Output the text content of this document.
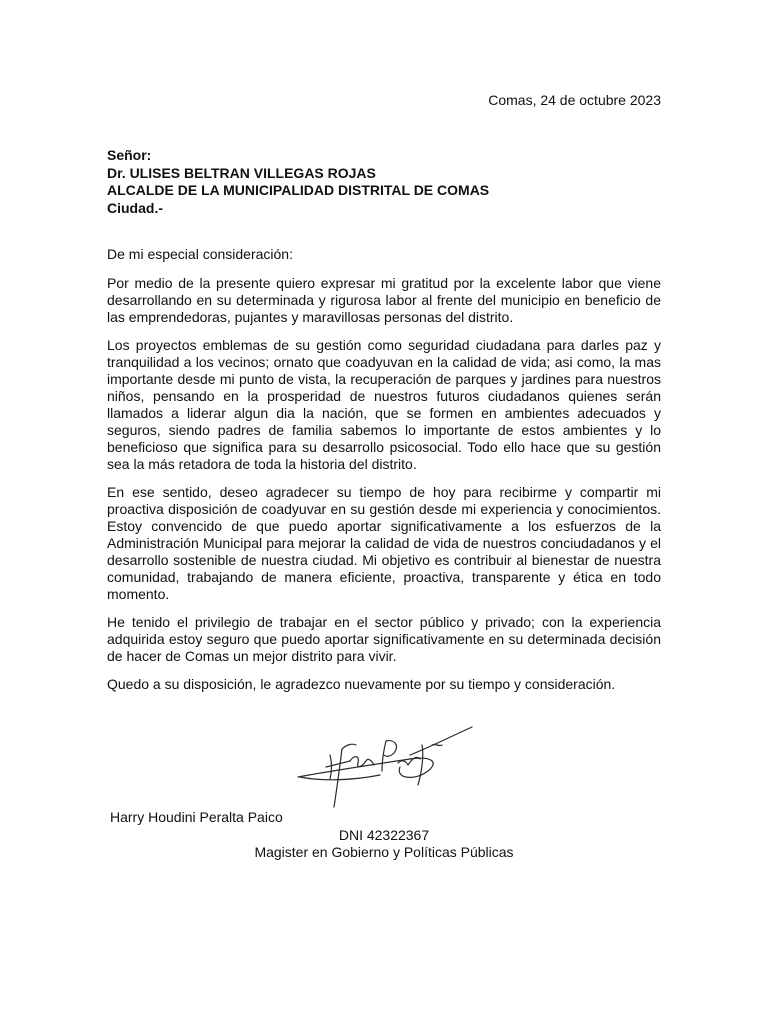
Comas, 24 de octubre 2023
Señor:
Dr. ULISES BELTRAN VILLEGAS ROJAS
ALCALDE DE LA MUNICIPALIDAD DISTRITAL DE COMAS
Ciudad.-

De mi especial consideración:

Por medio de la presente quiero expresar mi gratitud por la excelente labor que viene desarrollando en su determinada y rigurosa labor al frente del municipio en beneficio de las emprendedoras, pujantes y maravillosas personas del distrito.

Los proyectos emblemas de su gestión como seguridad ciudadana para darles paz y tranquilidad a los vecinos; ornato que coadyuvan en la calidad de vida; asi como, la mas importante desde mi punto de vista, la recuperación de parques y jardines para nuestros niños, pensando en la prosperidad de nuestros futuros ciudadanos quienes serán llamados a liderar algun dia la nación, que se formen en ambientes adecuados y seguros, siendo padres de familia sabemos lo importante de estos ambientes y lo beneficioso que significa para su desarrollo psicosocial. Todo ello hace que su gestión sea la más retadora de toda la historia del distrito.

En ese sentido, deseo agradecer su tiempo de hoy para recibirme y compartir mi proactiva disposición de coadyuvar en su gestión desde mi experiencia y conocimientos. Estoy convencido de que puedo aportar significativamente a los esfuerzos de la Administración Municipal para mejorar la calidad de vida de nuestros conciudadanos y el desarrollo sostenible de nuestra ciudad. Mi objetivo es contribuir al bienestar de nuestra comunidad, trabajando de manera eficiente, proactiva, transparente y ética en todo momento.

He tenido el privilegio de trabajar en el sector público y privado; con la experiencia adquirida estoy seguro que puedo aportar significativamente en su determinada decisión de hacer de Comas un mejor distrito para vivir.

Quedo a su disposición, le agradezco nuevamente por su tiempo y consideración.

Harry Houdini Peralta Paico
DNI 42322367
Magister en Gobierno y Políticas Públicas
